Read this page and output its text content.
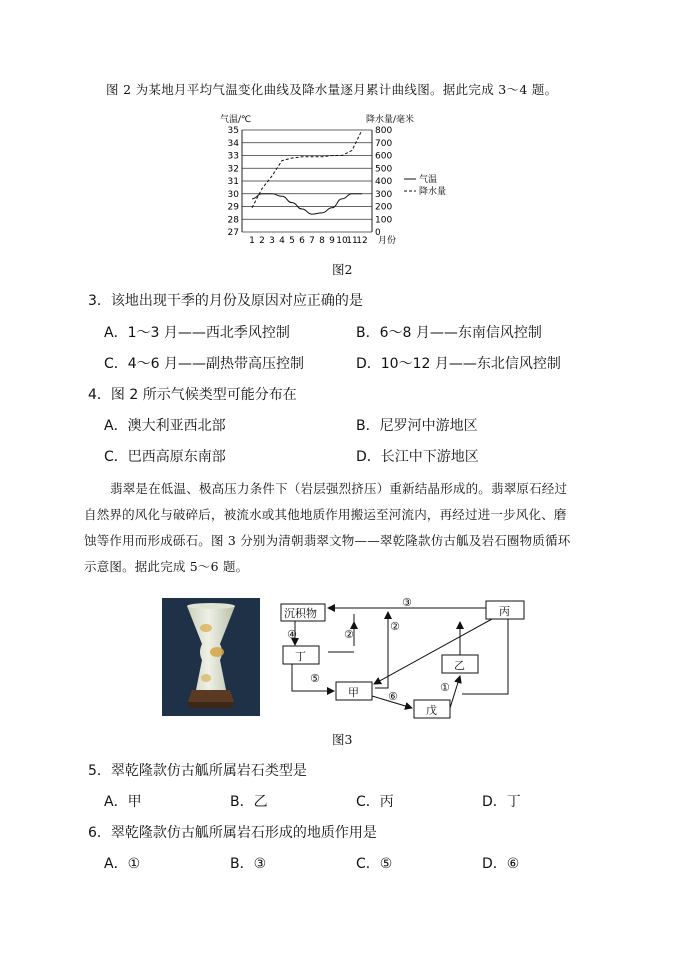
图 2 为某地月平均气温变化曲线及降水量逐月累计曲线图。据此完成 3～4 题。
气温/℃	降水量/毫米
27	0
28	100
29	200
30	300
31	400
32	500
33	600
34	700
35	800
1 2 3 4 5 6 7 8 9 10
11
12 月份
气温
降水量
图2
3．该地出现干季的月份及原因对应正确的是
A．1～3 月——西北季风控制	B．6～8 月——东南信风控制
C．4～6 月——副热带高压控制	D．10～12 月——东北信风控制
4．图 2 所示气候类型可能分布在
A．澳大利亚西北部	B．尼罗河中游地区
C．巴西高原东南部	D．长江中下游地区
翡翠是在低温、极高压力条件下（岩层强烈挤压）重新结晶形成的。翡翠原石经过
自然界的风化与破碎后，被流水或其他地质作用搬运至河流内，再经过进一步风化、磨
蚀等作用而形成砾石。图 3 分别为清朝翡翠文物——翠乾隆款仿古觚及岩石圈物质循环
示意图。据此完成 5～6 题。
沉积物
丁
甲
戊
乙
丙
③
④	②
②
⑤
⑥
①
图3
5．翠乾隆款仿古觚所属岩石类型是
A．甲	B．乙	C．丙	D．丁
6．翠乾隆款仿古觚所属岩石形成的地质作用是
A．①	B．③	C．⑤	D．⑥
